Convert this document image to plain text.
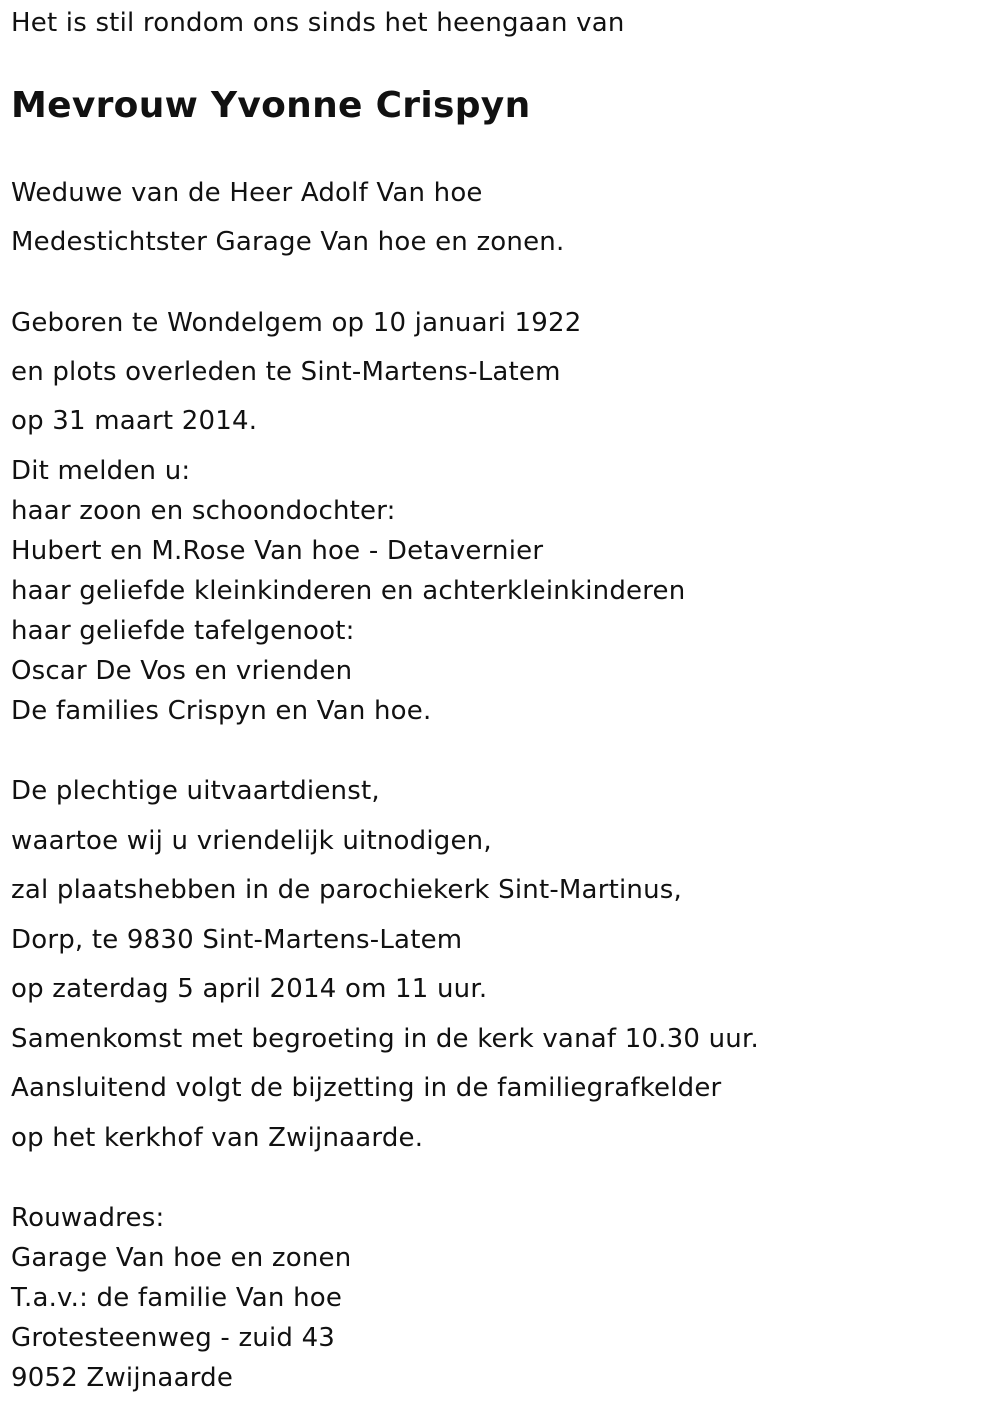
Het is stil rondom ons sinds het heengaan van
Mevrouw Yvonne Crispyn
Weduwe van de Heer Adolf Van hoe
Medestichtster Garage Van hoe en zonen.
Geboren te Wondelgem op 10 januari 1922
en plots overleden te Sint-Martens-Latem
op 31 maart 2014.
Dit melden u:
haar zoon en schoondochter:
Hubert en M.Rose Van hoe - Detavernier
haar geliefde kleinkinderen en achterkleinkinderen
haar geliefde tafelgenoot:
Oscar De Vos en vrienden
De families Crispyn en Van hoe.
De plechtige uitvaartdienst,
waartoe wij u vriendelijk uitnodigen,
zal plaatshebben in de parochiekerk Sint-Martinus,
Dorp, te 9830 Sint-Martens-Latem
op zaterdag 5 april 2014 om 11 uur.
Samenkomst met begroeting in de kerk vanaf 10.30 uur.
Aansluitend volgt de bijzetting in de familiegrafkelder
op het kerkhof van Zwijnaarde.
Rouwadres:
Garage Van hoe en zonen
T.a.v.: de familie Van hoe
Grotesteenweg - zuid 43
9052 Zwijnaarde
